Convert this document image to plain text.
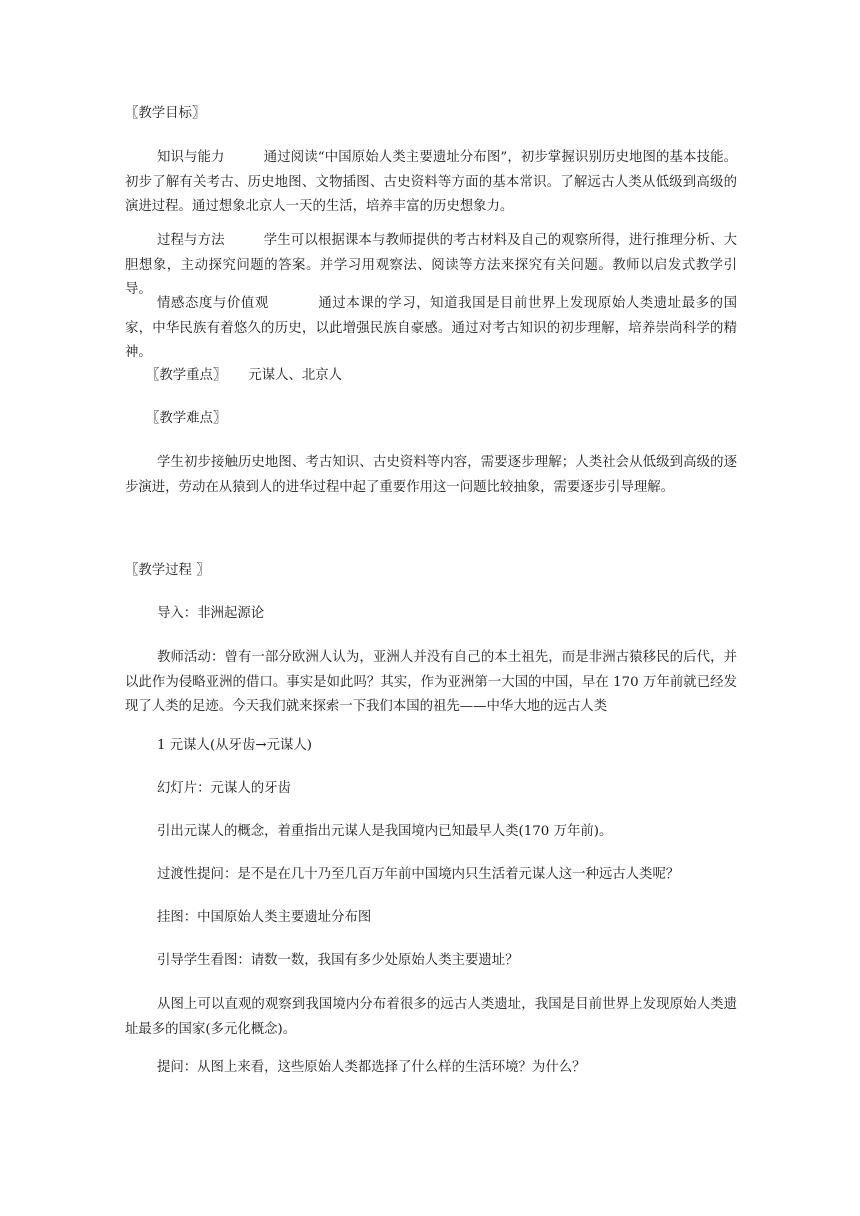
〖教学目标〗
知识与能力	通过阅读“中国原始人类主要遗址分布图”，初步掌握识别历史地图的基本技能。初步了解有关考古、历史地图、文物插图、古史资料等方面的基本常识。了解远古人类从低级到高级的演进过程。通过想象北京人一天的生活，培养丰富的历史想象力。
过程与方法	学生可以根据课本与教师提供的考古材料及自己的观察所得，进行推理分析、大胆想象，主动探究问题的答案。并学习用观察法、阅读等方法来探究有关问题。教师以启发式教学引导。
情感态度与价值观	通过本课的学习，知道我国是目前世界上发现原始人类遗址最多的国家，中华民族有着悠久的历史，以此增强民族自豪感。通过对考古知识的初步理解，培养崇尚科学的精神。
〖教学重点〗 元谋人、北京人
〖教学难点〗
学生初步接触历史地图、考古知识、古史资料等内容，需要逐步理解；人类社会从低级到高级的逐步演进，劳动在从猿到人的进华过程中起了重要作用这一问题比较抽象，需要逐步引导理解。
〖教学过程 〗
导入：非洲起源论
教师活动：曾有一部分欧洲人认为，亚洲人并没有自己的本土祖先，而是非洲古猿移民的后代，并以此作为侵略亚洲的借口。事实是如此吗？其实，作为亚洲第一大国的中国，早在 170 万年前就已经发现了人类的足迹。今天我们就来探索一下我们本国的祖先——中华大地的远古人类
1 元谋人(从牙齿→元谋人)
幻灯片：元谋人的牙齿
引出元谋人的概念，着重指出元谋人是我国境内已知最早人类(170 万年前)。
过渡性提问：是不是在几十乃至几百万年前中国境内只生活着元谋人这一种远古人类呢？
挂图：中国原始人类主要遗址分布图
引导学生看图：请数一数，我国有多少处原始人类主要遗址？
从图上可以直观的观察到我国境内分布着很多的远古人类遗址，我国是目前世界上发现原始人类遗址最多的国家(多元化概念)。
提问：从图上来看，这些原始人类都选择了什么样的生活环境？为什么？
